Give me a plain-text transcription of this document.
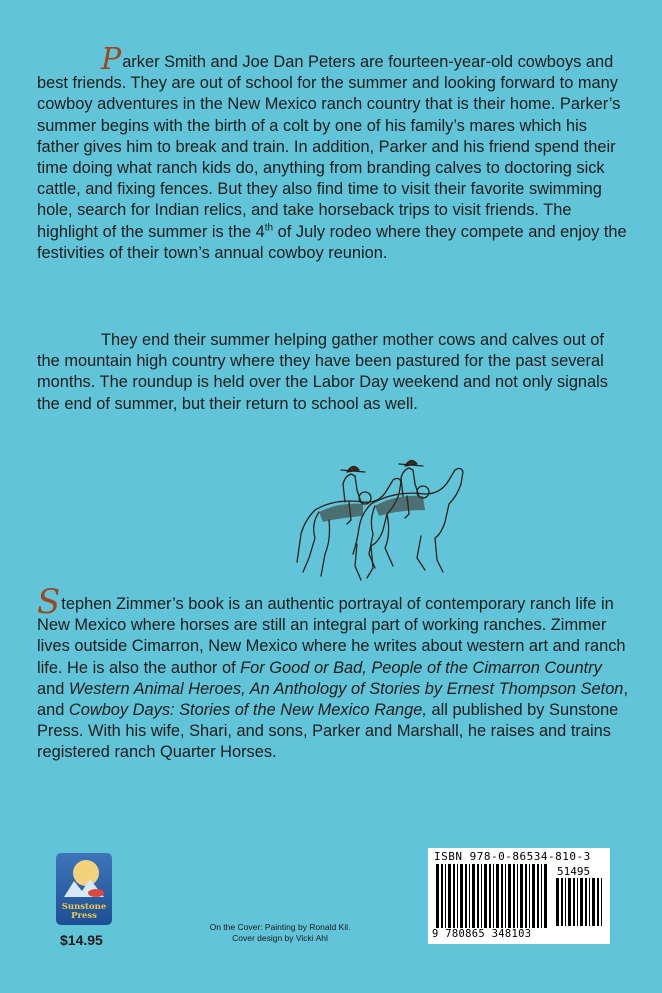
Parker Smith and Joe Dan Peters are fourteen-year-old cowboys and best friends. They are out of school for the summer and looking forward to many cowboy adventures in the New Mexico ranch country that is their home. Parker’s summer begins with the birth of a colt by one of his family’s mares which his father gives him to break and train. In addition, Parker and his friend spend their time doing what ranch kids do, anything from branding calves to doctoring sick cattle, and fixing fences. But they also find time to visit their favorite swimming hole, search for Indian relics, and take horseback trips to visit friends. The highlight of the summer is the 4th of July rodeo where they compete and enjoy the festivities of their town’s annual cowboy reunion.

They end their summer helping gather mother cows and calves out of the mountain high country where they have been pastured for the past several months. The roundup is held over the Labor Day weekend and not only signals the end of summer, but their return to school as well.

Stephen Zimmer’s book is an authentic portrayal of contemporary ranch life in New Mexico where horses are still an integral part of working ranches. Zimmer lives outside Cimarron, New Mexico where he writes about western art and ranch life. He is also the author of For Good or Bad, People of the Cimarron Country and Western Animal Heroes, An Anthology of Stories by Ernest Thompson Seton, and Cowboy Days: Stories of the New Mexico Range, all published by Sunstone Press. With his wife, Shari, and sons, Parker and Marshall, he raises and trains registered ranch Quarter Horses.

Sunstone
Press
$14.95
On the Cover: Painting by Ronald Kil.
Cover design by Vicki Ahl
ISBN 978-0-86534-810-3
51495
9 780865 348103
